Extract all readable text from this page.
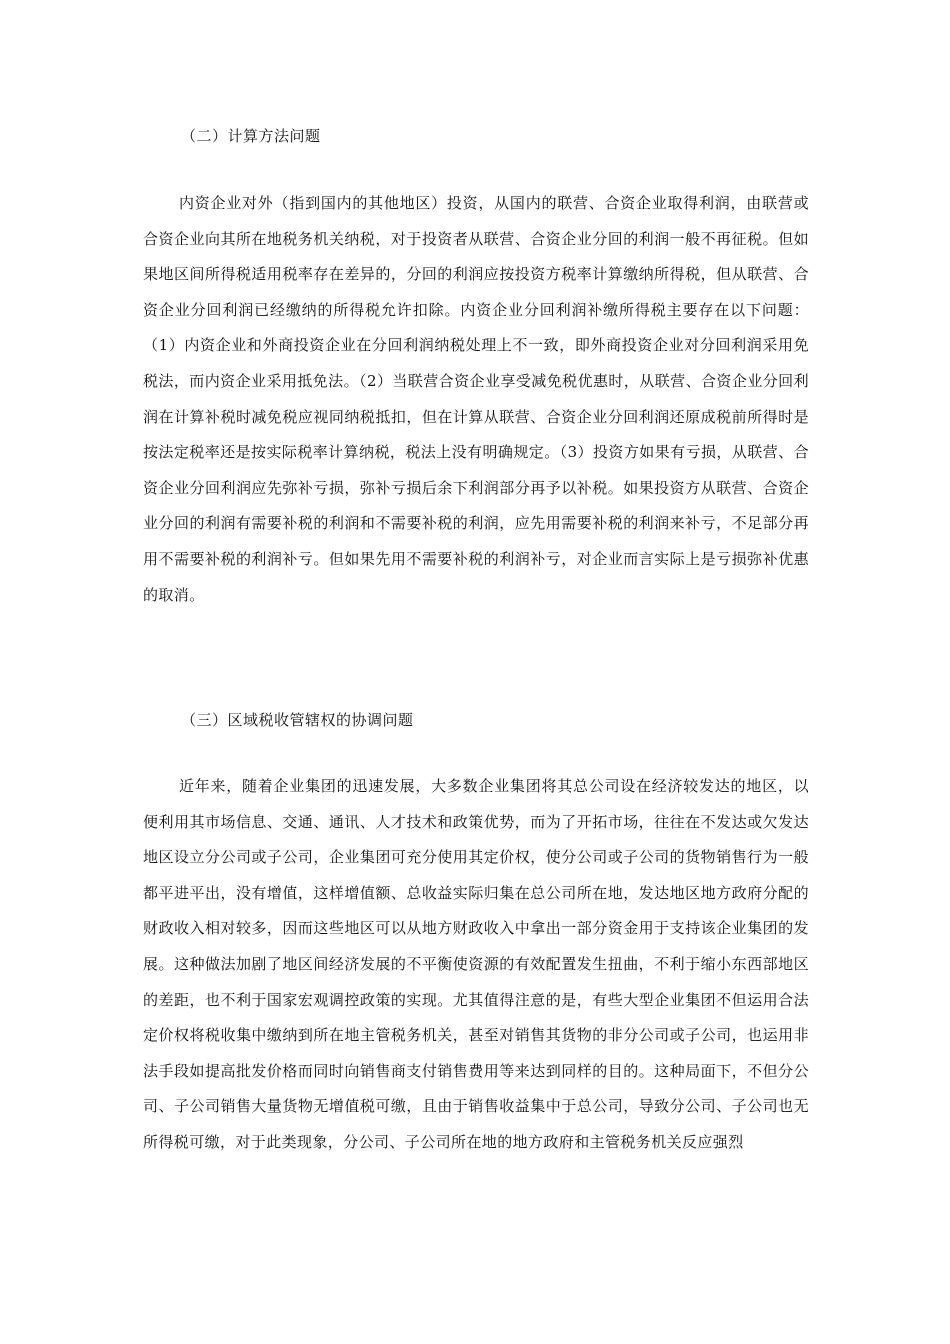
（二）计算方法问题

内资企业对外（指到国内的其他地区）投资，从国内的联营、合资企业取得利润，由联营或合资企业向其所在地税务机关纳税，对于投资者从联营、合资企业分回的利润一般不再征税。但如果地区间所得税适用税率存在差异的，分回的利润应按投资方税率计算缴纳所得税，但从联营、合资企业分回利润已经缴纳的所得税允许扣除。内资企业分回利润补缴所得税主要存在以下问题：（1）内资企业和外商投资企业在分回利润纳税处理上不一致，即外商投资企业对分回利润采用免税法，而内资企业采用抵免法。（2）当联营合资企业享受减免税优惠时，从联营、合资企业分回利润在计算补税时减免税应视同纳税抵扣，但在计算从联营、合资企业分回利润还原成税前所得时是按法定税率还是按实际税率计算纳税，税法上没有明确规定。（3）投资方如果有亏损，从联营、合资企业分回利润应先弥补亏损，弥补亏损后余下利润部分再予以补税。如果投资方从联营、合资企业分回的利润有需要补税的利润和不需要补税的利润，应先用需要补税的利润来补亏，不足部分再用不需要补税的利润补亏。但如果先用不需要补税的利润补亏，对企业而言实际上是亏损弥补优惠的取消。

（三）区域税收管辖权的协调问题

近年来，随着企业集团的迅速发展，大多数企业集团将其总公司设在经济较发达的地区，以便利用其市场信息、交通、通讯、人才技术和政策优势，而为了开拓市场，往往在不发达或欠发达地区设立分公司或子公司，企业集团可充分使用其定价权，使分公司或子公司的货物销售行为一般都平进平出，没有增值，这样增值额、总收益实际归集在总公司所在地，发达地区地方政府分配的财政收入相对较多，因而这些地区可以从地方财政收入中拿出一部分资金用于支持该企业集团的发展。这种做法加剧了地区间经济发展的不平衡使资源的有效配置发生扭曲，不利于缩小东西部地区的差距，也不利于国家宏观调控政策的实现。尤其值得注意的是，有些大型企业集团不但运用合法定价权将税收集中缴纳到所在地主管税务机关，甚至对销售其货物的非分公司或子公司，也运用非法手段如提高批发价格而同时向销售商支付销售费用等来达到同样的目的。这种局面下，不但分公司、子公司销售大量货物无增值税可缴，且由于销售收益集中于总公司，导致分公司、子公司也无所得税可缴，对于此类现象，分公司、子公司所在地的地方政府和主管税务机关反应强烈
